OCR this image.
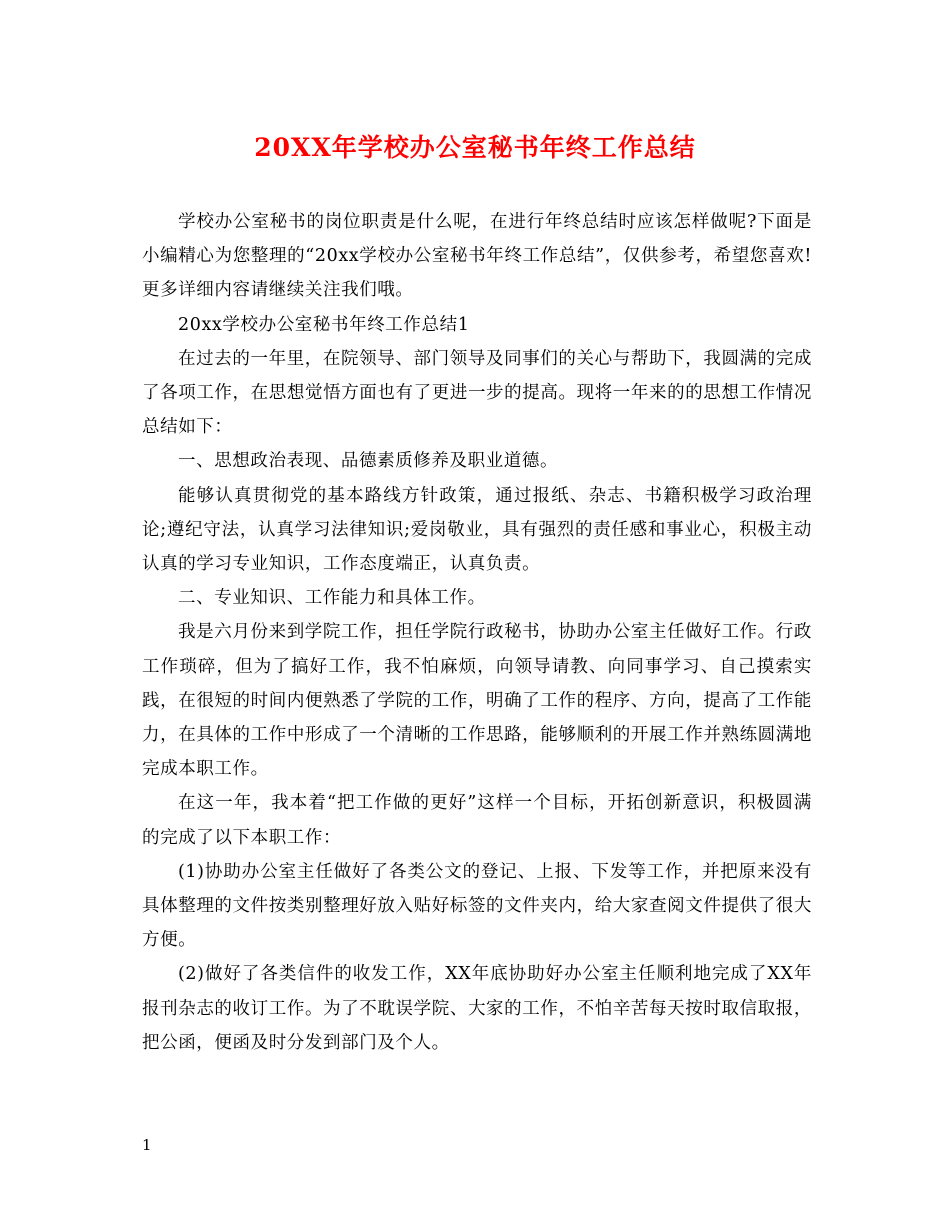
20XX年学校办公室秘书年终工作总结

学校办公室秘书的岗位职责是什么呢，在进行年终总结时应该怎样做呢?下面是小编精心为您整理的“20xx学校办公室秘书年终工作总结”，仅供参考，希望您喜欢!更多详细内容请继续关注我们哦。

20xx学校办公室秘书年终工作总结1

在过去的一年里，在院领导、部门领导及同事们的关心与帮助下，我圆满的完成了各项工作，在思想觉悟方面也有了更进一步的提高。现将一年来的的思想工作情况总结如下：

一、思想政治表现、品德素质修养及职业道德。

能够认真贯彻党的基本路线方针政策，通过报纸、杂志、书籍积极学习政治理论;遵纪守法，认真学习法律知识;爱岗敬业，具有强烈的责任感和事业心，积极主动认真的学习专业知识，工作态度端正，认真负责。

二、专业知识、工作能力和具体工作。

我是六月份来到学院工作，担任学院行政秘书，协助办公室主任做好工作。行政工作琐碎，但为了搞好工作，我不怕麻烦，向领导请教、向同事学习、自己摸索实践，在很短的时间内便熟悉了学院的工作，明确了工作的程序、方向，提高了工作能力，在具体的工作中形成了一个清晰的工作思路，能够顺利的开展工作并熟练圆满地完成本职工作。

在这一年，我本着“把工作做的更好”这样一个目标，开拓创新意识，积极圆满的完成了以下本职工作：

(1)协助办公室主任做好了各类公文的登记、上报、下发等工作，并把原来没有具体整理的文件按类别整理好放入贴好标签的文件夹内，给大家查阅文件提供了很大方便。

(2)做好了各类信件的收发工作，XX年底协助好办公室主任顺利地完成了XX年报刊杂志的收订工作。为了不耽误学院、大家的工作，不怕辛苦每天按时取信取报，把公函，便函及时分发到部门及个人。

1
